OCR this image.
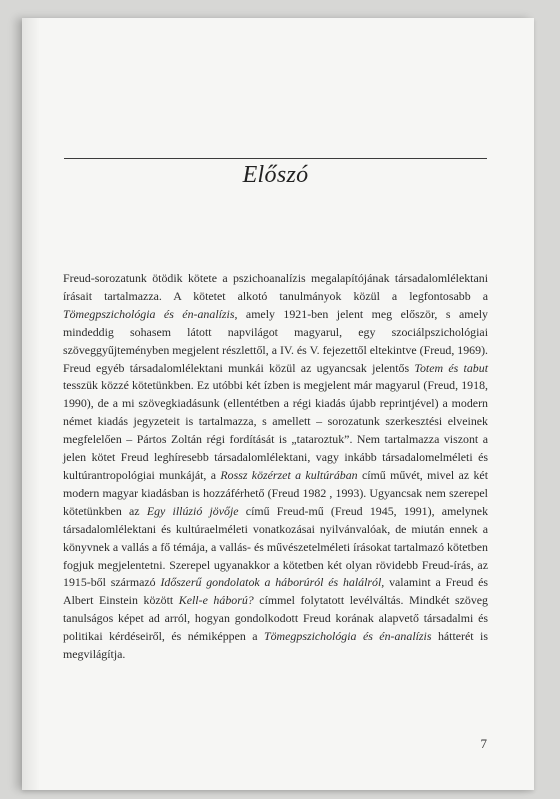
Előszó

Freud-sorozatunk ötödik kötete a pszichoanalízis megalapítójának társadalomlélektani írásait tartalmazza. A kötetet alkotó tanulmányok közül a legfontosabb a Tömegpszichológia és én-analízis, amely 1921-ben jelent meg először, s amely mindeddig sohasem látott napvilágot magyarul, egy szociálpszichológiai szöveggyűjteményben megjelent részlettől, a IV. és V. fejezettől eltekintve (Freud, 1969). Freud egyéb társadalomlélektani munkái közül az ugyancsak jelentős Totem és tabut tesszük közzé kötetünkben. Ez utóbbi két ízben is megjelent már magyarul (Freud, 1918, 1990), de a mi szövegkiadásunk (ellentétben a régi kiadás újabb reprintjével) a modern német kiadás jegyzeteit is tartalmazza, s amellett – sorozatunk szerkesztési elveinek megfelelően – Pártos Zoltán régi fordítását is „tataroztuk”. Nem tartalmazza viszont a jelen kötet Freud leghíresebb társadalomlélektani, vagy inkább társadalomelméleti és kultúrantropológiai munkáját, a Rossz közérzet a kultúrában című művét, mivel az két modern magyar kiadásban is hozzáférhető (Freud 1982 , 1993). Ugyancsak nem szerepel kötetünkben az Egy illúzió jövője című Freud-mű (Freud 1945, 1991), amelynek társadalomlélektani és kultúraelméleti vonatkozásai nyilvánvalóak, de miután ennek a könyvnek a vallás a fő témája, a vallás- és művészetelméleti írásokat tartalmazó kötetben fogjuk megjelentetni. Szerepel ugyanakkor a kötetben két olyan rövidebb Freud-írás, az 1915-ből származó Időszerű gondolatok a háborúról és halálról, valamint a Freud és Albert Einstein között Kell-e háború? címmel folytatott levélváltás. Mindkét szöveg tanulságos képet ad arról, hogyan gondolkodott Freud korának alapvető társadalmi és politikai kérdéseiről, és némiképpen a Tömegpszichológia és én-analízis hátterét is megvilágítja.

7
